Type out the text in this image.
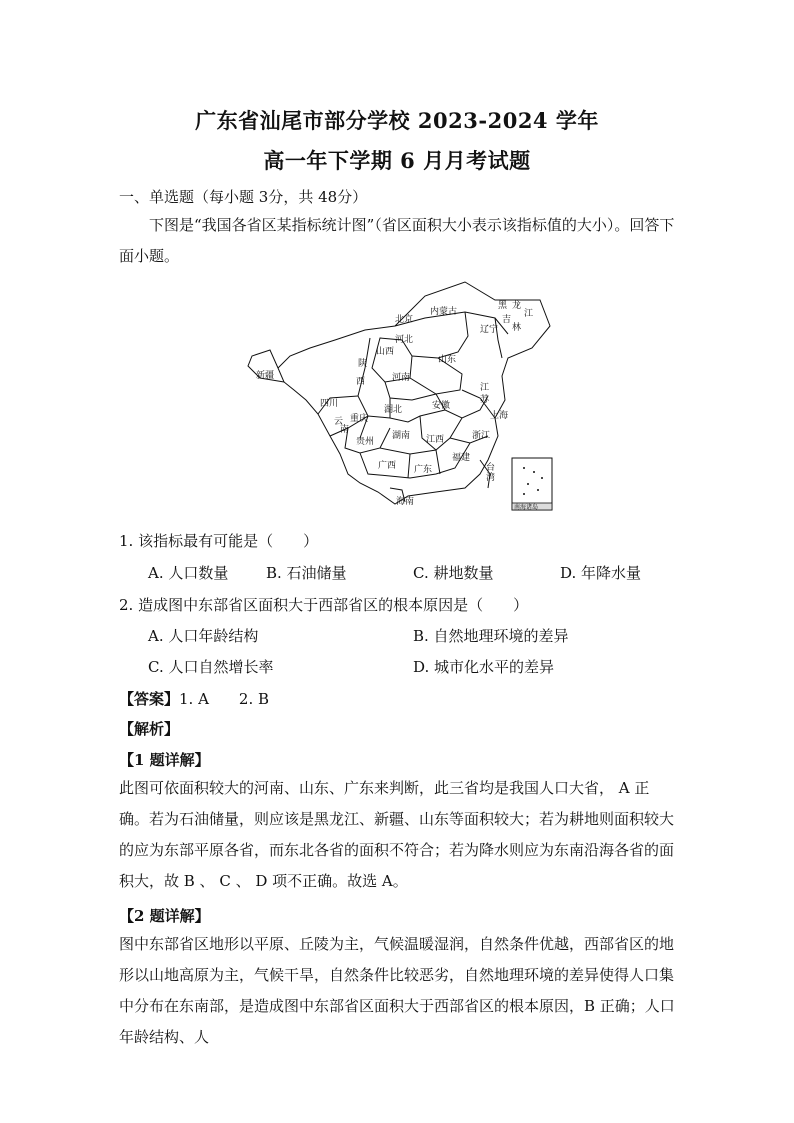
广东省汕尾市部分学校 2023-2024 学年
高一年下学期 6 月月考试题
一、单选题（每小题 3分，共 48分）
下图是“我国各省区某指标统计图”（省区面积大小表示该指标值的大小）。回答下面小题。
黑 龙
江
吉
林
内蒙古
北京
辽宁
河北
山西
山东
陕
西
新疆	河南
江
苏
安徽
上海
四川
湖北
重庆
贵州
湖南 江西	浙江
云
南
广西 广东
福建
台
湾
海南
南海诸岛
1. 该指标最有可能是（　　）
A. 人口数量	B. 石油储量	C. 耕地数量	D. 年降水量
2. 造成图中东部省区面积大于西部省区的根本原因是（　　）
A. 人口年龄结构	B. 自然地理环境的差异
C. 人口自然增长率	D. 城市化水平的差异
【答案】1. A　　2. B
【解析】
【1 题详解】
此图可依面积较大的河南、山东、广东来判断，此三省均是我国人口大省， A 正确。若为石油储量，则应该是黑龙江、新疆、山东等面积较大；若为耕地则面积较大的应为东部平原各省，而东北各省的面积不符合；若为降水则应为东南沿海各省的面积大，故 B 、 C 、 D 项不正确。故选 A。
【2 题详解】
图中东部省区地形以平原、丘陵为主，气候温暖湿润，自然条件优越，西部省区的地形以山地高原为主，气候干旱，自然条件比较恶劣，自然地理环境的差异使得人口集中分布在东南部，是造成图中东部省区面积大于西部省区的根本原因，B 正确；人口年龄结构、人
